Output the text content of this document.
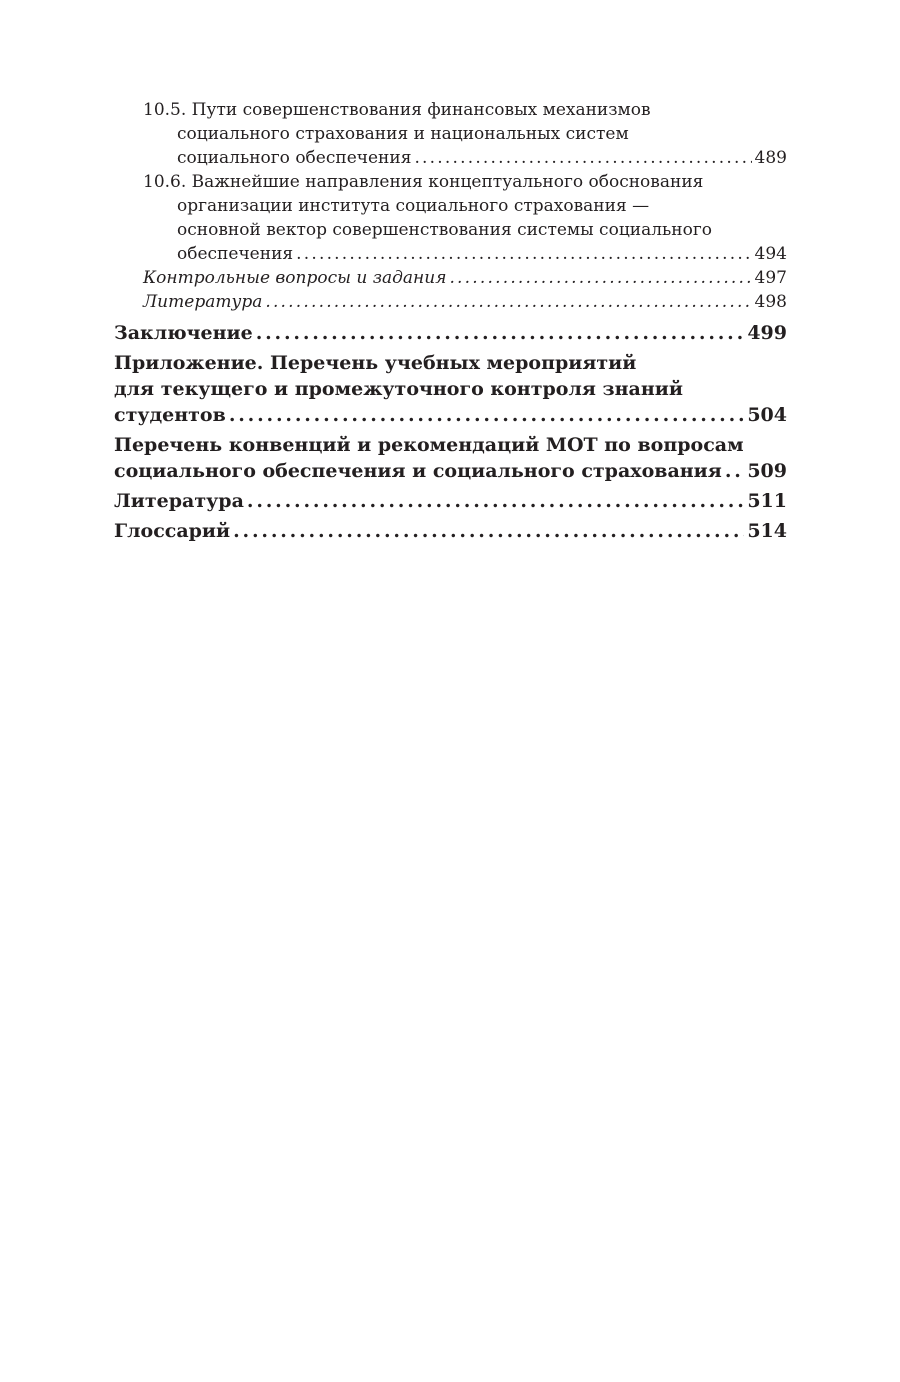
10.5. Пути совершенствования финансовых механизмов
социального страхования и национальных систем
социального обеспечения . . .	489
10.6. Важнейшие направления концептуального обоснования
организации института социального страхования —
основной вектор совершенствования системы социального
обеспечения . . .	494
Контрольные вопросы и задания . . .	497
Литература . . .	498
Заключение . . .	499
Приложение. Перечень учебных мероприятий
для текущего и промежуточного контроля знаний
студентов . . .	504
Перечень конвенций и рекомендаций МОТ по вопросам
социального обеспечения и социального страхования . . . 509
Литература . . .	511
Глоссарий . . .	514
